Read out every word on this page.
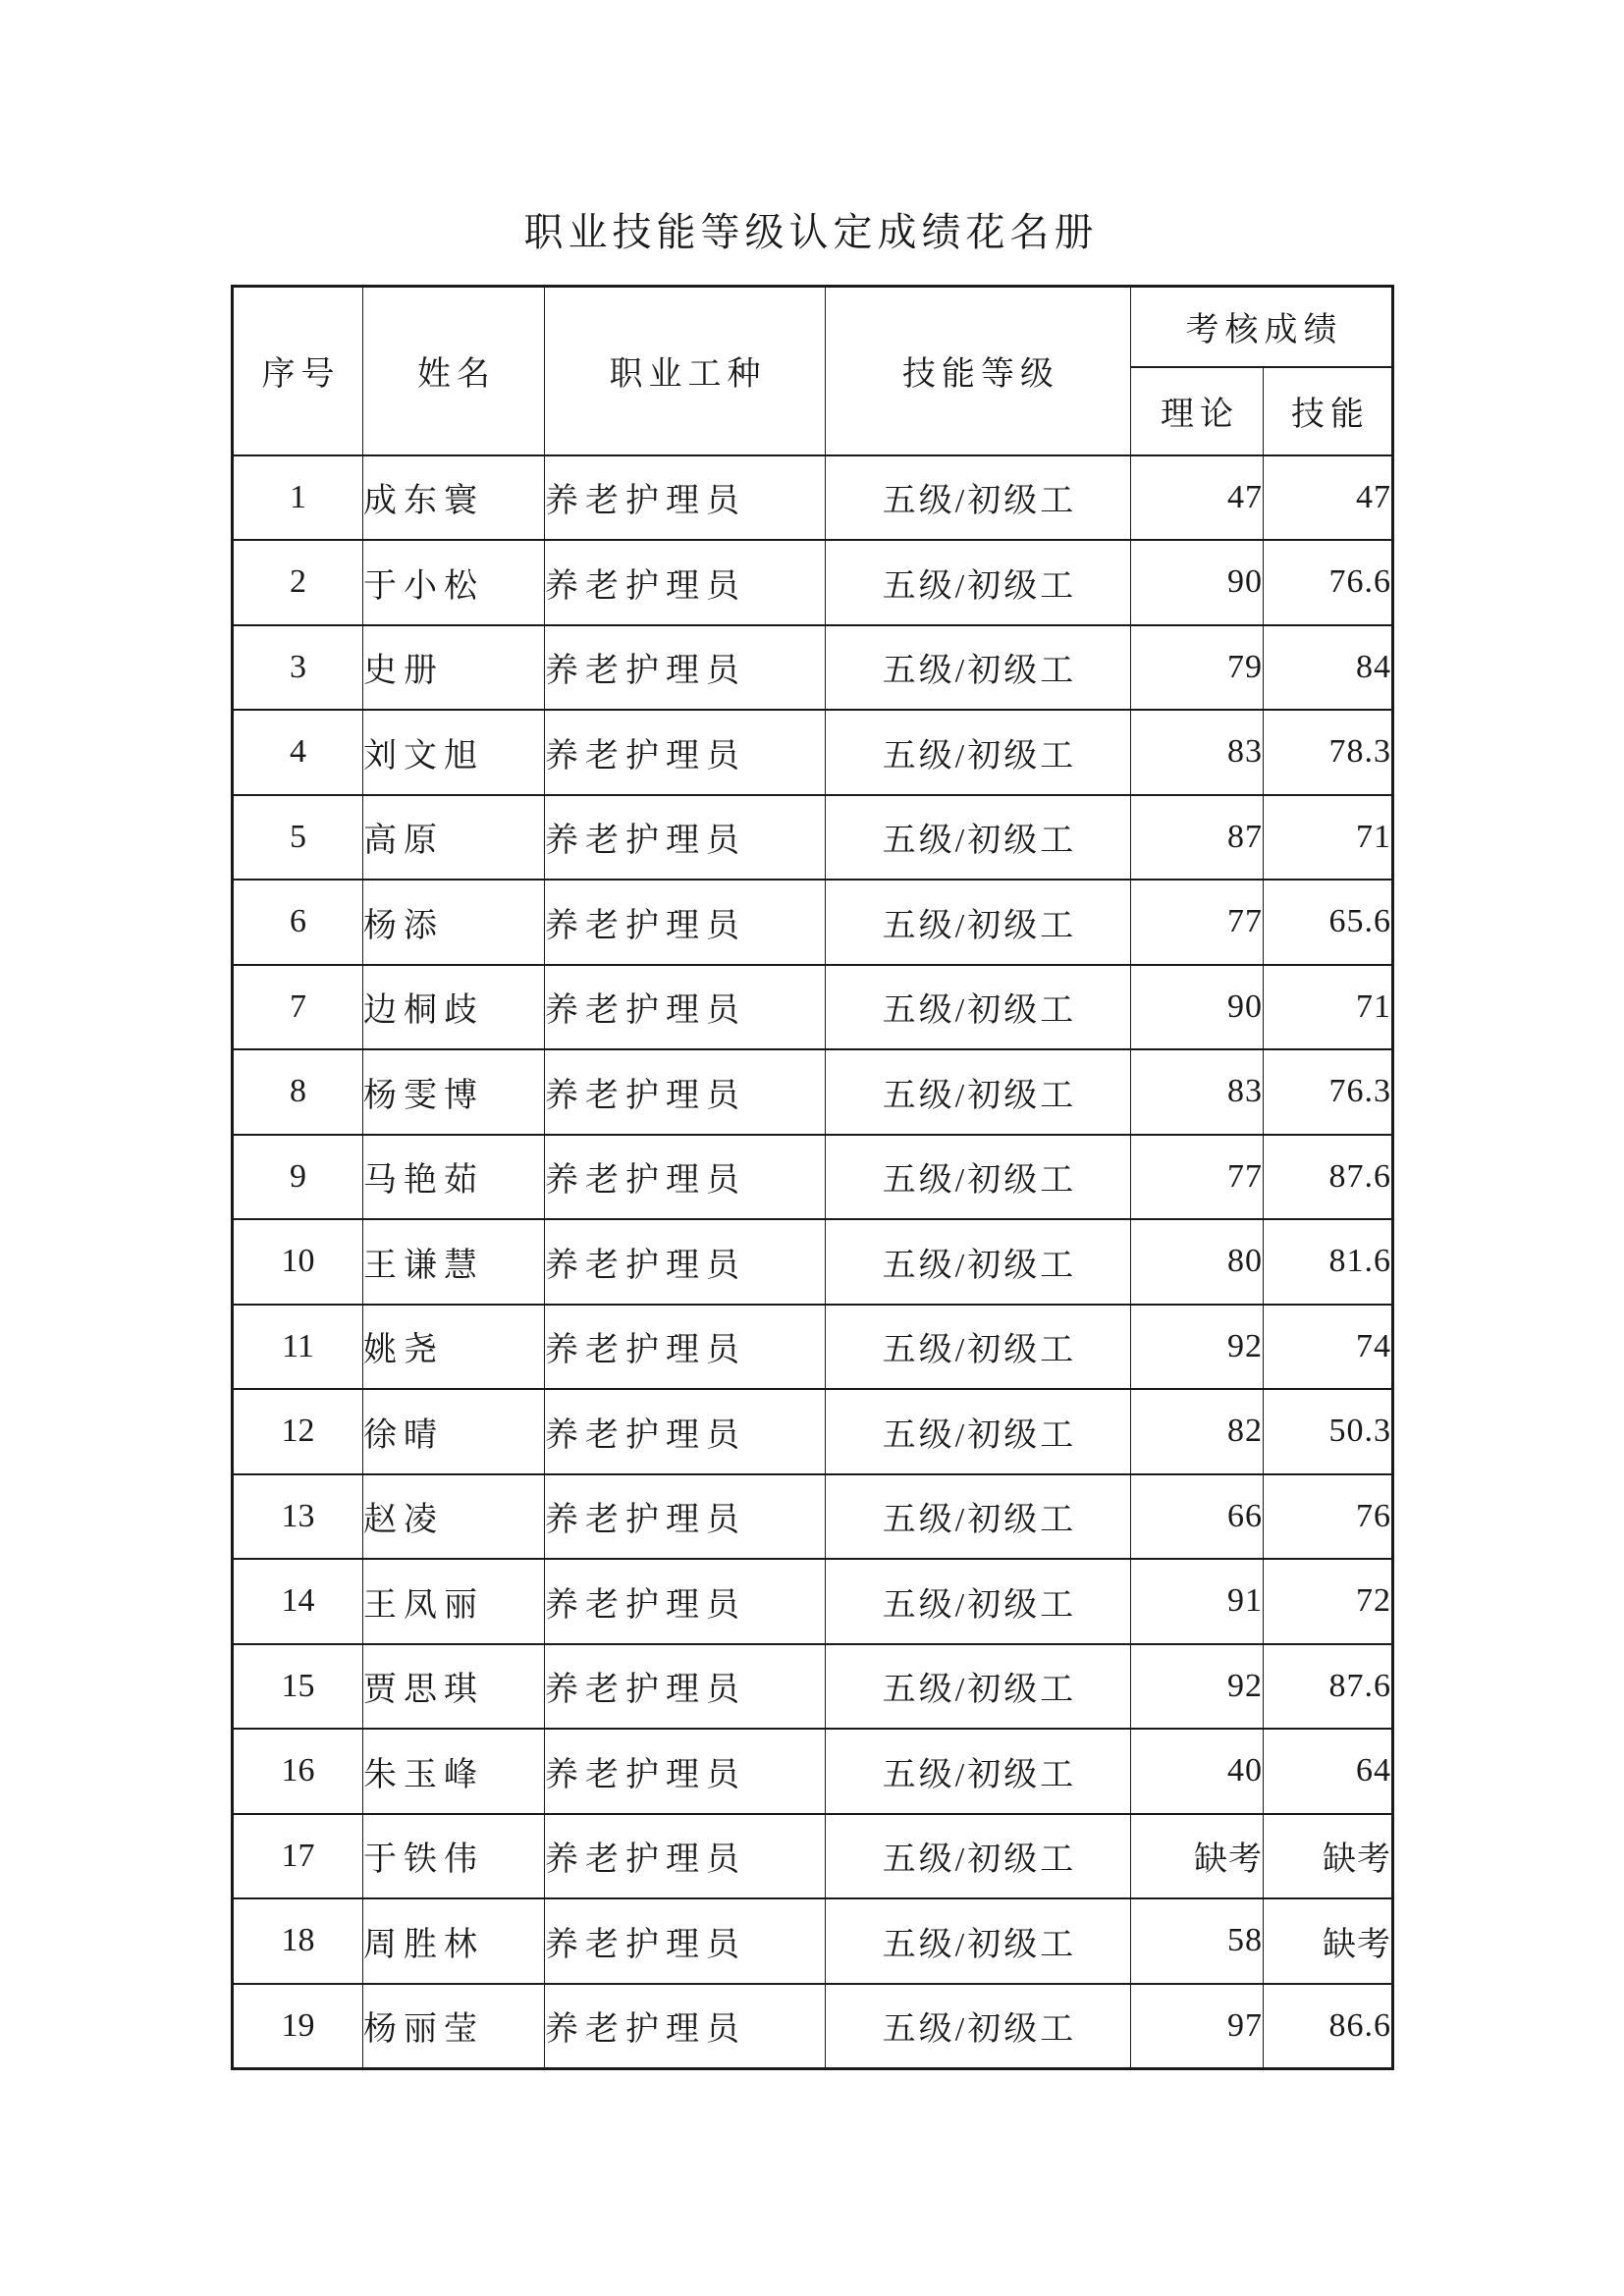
职业技能等级认定成绩花名册
序号	姓名	职业工种	技能等级	考核成绩	
				理论	技能
1	成东寰	养老护理员	五级/初级工	47	47
2	于小松	养老护理员	五级/初级工	90	76.6
3	史册	养老护理员	五级/初级工	79	84
4	刘文旭	养老护理员	五级/初级工	83	78.3
5	高原	养老护理员	五级/初级工	87	71
6	杨添	养老护理员	五级/初级工	77	65.6
7	边桐歧	养老护理员	五级/初级工	90	71
8	杨雯博	养老护理员	五级/初级工	83	76.3
9	马艳茹	养老护理员	五级/初级工	77	87.6
10	王谦慧	养老护理员	五级/初级工	80	81.6
11	姚尧	养老护理员	五级/初级工	92	74
12	徐晴	养老护理员	五级/初级工	82	50.3
13	赵凌	养老护理员	五级/初级工	66	76
14	王凤丽	养老护理员	五级/初级工	91	72
15	贾思琪	养老护理员	五级/初级工	92	87.6
16	朱玉峰	养老护理员	五级/初级工	40	64
17	于铁伟	养老护理员	五级/初级工	缺考	缺考
18	周胜林	养老护理员	五级/初级工	58	缺考
19	杨丽莹	养老护理员	五级/初级工	97	86.6
